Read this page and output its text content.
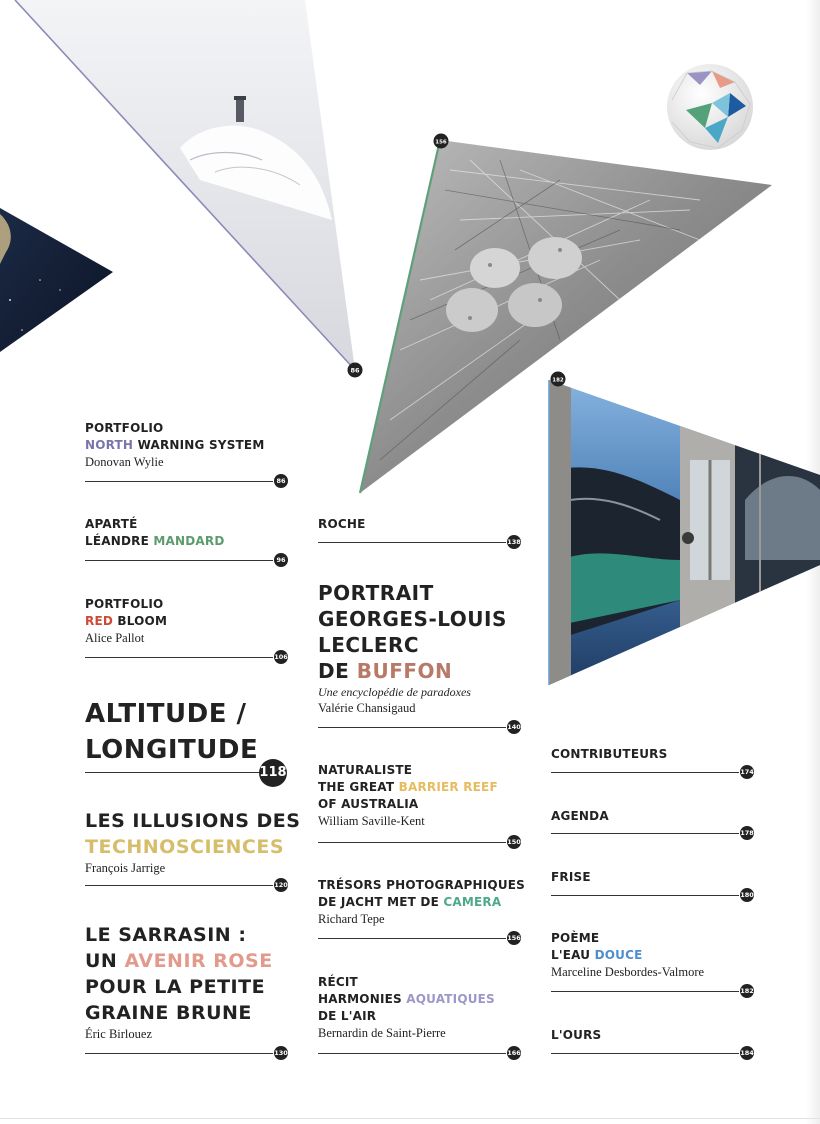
86
156
182
PORTFOLIO
NORTH WARNING SYSTEM
Donovan Wylie
86
APARTÉ
LÉANDRE MANDARD
96
PORTFOLIO
RED BLOOM
Alice Pallot
106
ALTITUDE /
LONGITUDE
118
LES ILLUSIONS DES
TECHNOSCIENCES
François Jarrige
120
LE SARRASIN :
UN AVENIR ROSE
POUR LA PETITE
GRAINE BRUNE
Éric Birlouez
130
ROCHE
138
PORTRAIT
GEORGES-LOUIS
LECLERC
DE BUFFON
Une encyclopédie de paradoxes
Valérie Chansigaud
140
NATURALISTE
THE GREAT BARRIER REEF
OF AUSTRALIA
William Saville-Kent
150
TRÉSORS PHOTOGRAPHIQUES
DE JACHT MET DE CAMERA
Richard Tepe
156
RÉCIT
HARMONIES AQUATIQUES
DE L'AIR
Bernardin de Saint-Pierre
166
CONTRIBUTEURS
174
AGENDA
178
FRISE
180
POÈME
L'EAU DOUCE
Marceline Desbordes-Valmore
182
L'OURS
184
